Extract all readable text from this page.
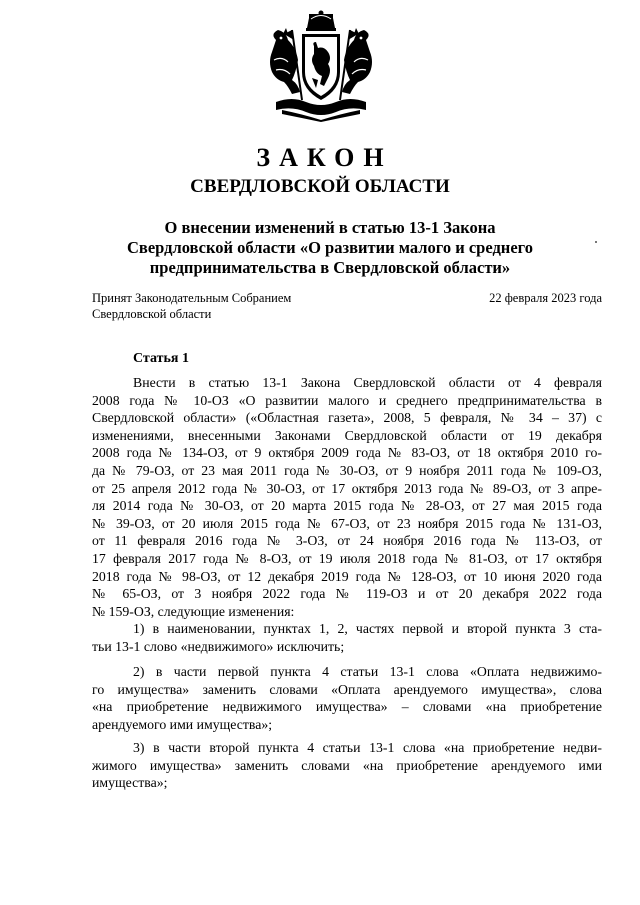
ЗАКОН
СВЕРДЛОВСКОЙ ОБЛАСТИ
О внесении изменений в статью 13-1 Закона
Свердловской области «О развитии малого и среднего
предпринимательства в Свердловской области»
Принят Законодательным Собранием
Свердловской области
22 февраля 2023 года
Статья 1
Внести в статью 13-1 Закона Свердловской области от 4 февраля
2008 года № 10-ОЗ «О развитии малого и среднего предпринимательства в
Свердловской области» («Областная газета», 2008, 5 февраля, № 34 – 37) с
изменениями, внесенными Законами Свердловской области от 19 декабря
2008 года № 134-ОЗ, от 9 октября 2009 года № 83-ОЗ, от 18 октября 2010 го-
да № 79-ОЗ, от 23 мая 2011 года № 30-ОЗ, от 9 ноября 2011 года № 109-ОЗ,
от 25 апреля 2012 года № 30-ОЗ, от 17 октября 2013 года № 89-ОЗ, от 3 апре-
ля 2014 года № 30-ОЗ, от 20 марта 2015 года № 28-ОЗ, от 27 мая 2015 года
№ 39-ОЗ, от 20 июля 2015 года № 67-ОЗ, от 23 ноября 2015 года № 131-ОЗ,
от 11 февраля 2016 года № 3-ОЗ, от 24 ноября 2016 года № 113-ОЗ, от
17 февраля 2017 года № 8-ОЗ, от 19 июля 2018 года № 81-ОЗ, от 17 октября
2018 года № 98-ОЗ, от 12 декабря 2019 года № 128-ОЗ, от 10 июня 2020 года
№ 65-ОЗ, от 3 ноября 2022 года № 119-ОЗ и от 20 декабря 2022 года
№ 159-ОЗ, следующие изменения:
1) в наименовании, пунктах 1, 2, частях первой и второй пункта 3 ста-
тьи 13-1 слово «недвижимого» исключить;
2) в части первой пункта 4 статьи 13-1 слова «Оплата недвижимо-
го имущества» заменить словами «Оплата арендуемого имущества», слова
«на приобретение недвижимого имущества» – словами «на приобретение
арендуемого ими имущества»;
3) в части второй пункта 4 статьи 13-1 слова «на приобретение недви-
жимого имущества» заменить словами «на приобретение арендуемого ими
имущества»;
